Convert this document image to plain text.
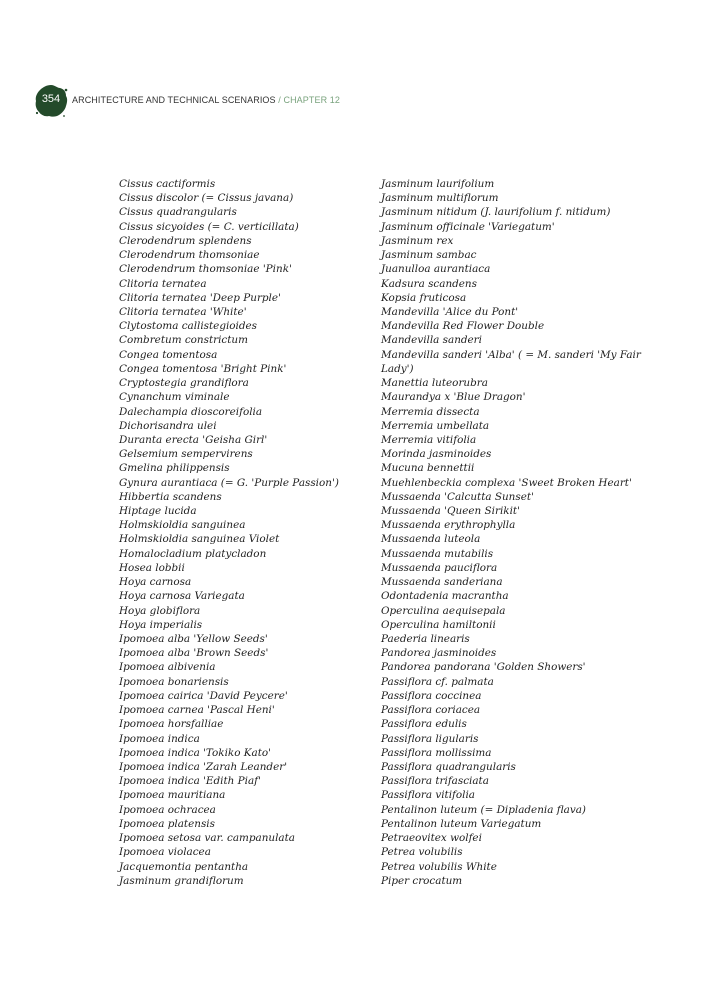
354	ARCHITECTURE AND TECHNICAL SCENARIOS / CHAPTER 12
Cissus cactiformis
Cissus discolor (= Cissus javana)
Cissus quadrangularis
Cissus sicyoides (= C. verticillata)
Clerodendrum splendens
Clerodendrum thomsoniae
Clerodendrum thomsoniae 'Pink'
Clitoria ternatea
Clitoria ternatea 'Deep Purple'
Clitoria ternatea 'White'
Clytostoma callistegioides
Combretum constrictum
Congea tomentosa
Congea tomentosa 'Bright Pink'
Cryptostegia grandiflora
Cynanchum viminale
Dalechampia dioscoreifolia
Dichorisandra ulei
Duranta erecta 'Geisha Girl'
Gelsemium sempervirens
Gmelina philippensis
Gynura aurantiaca (= G. 'Purple Passion')
Hibbertia scandens
Hiptage lucida
Holmskioldia sanguinea
Holmskioldia sanguinea Violet
Homalocladium platycladon
Hosea lobbii
Hoya carnosa
Hoya carnosa Variegata
Hoya globiflora
Hoya imperialis
Ipomoea alba 'Yellow Seeds'
Ipomoea alba 'Brown Seeds'
Ipomoea albivenia
Ipomoea bonariensis
Ipomoea cairica 'David Peycere'
Ipomoea carnea 'Pascal Heni'
Ipomoea horsfalliae
Ipomoea indica
Ipomoea indica 'Tokiko Kato'
Ipomoea indica 'Zarah Leander'
Ipomoea indica 'Edith Piaf'
Ipomoea mauritiana
Ipomoea ochracea
Ipomoea platensis
Ipomoea setosa var. campanulata
Ipomoea violacea
Jacquemontia pentantha
Jasminum grandiflorum
Jasminum laurifolium
Jasminum multiflorum
Jasminum nitidum (J. laurifolium f. nitidum)
Jasminum officinale 'Variegatum'
Jasminum rex
Jasminum sambac
Juanulloa aurantiaca
Kadsura scandens
Kopsia fruticosa
Mandevilla 'Alice du Pont'
Mandevilla Red Flower Double
Mandevilla sanderi
Mandevilla sanderi 'Alba' ( = M. sanderi 'My Fair
Lady')
Manettia luteorubra
Maurandya x 'Blue Dragon'
Merremia dissecta
Merremia umbellata
Merremia vitifolia
Morinda jasminoides
Mucuna bennettii
Muehlenbeckia complexa 'Sweet Broken Heart'
Mussaenda 'Calcutta Sunset'
Mussaenda 'Queen Sirikit'
Mussaenda erythrophylla
Mussaenda luteola
Mussaenda mutabilis
Mussaenda pauciflora
Mussaenda sanderiana
Odontadenia macrantha
Operculina aequisepala
Operculina hamiltonii
Paederia linearis
Pandorea jasminoides
Pandorea pandorana 'Golden Showers'
Passiflora cf. palmata
Passiflora coccinea
Passiflora coriacea
Passiflora edulis
Passiflora ligularis
Passiflora mollissima
Passiflora quadrangularis
Passiflora trifasciata
Passiflora vitifolia
Pentalinon luteum (= Dipladenia flava)
Pentalinon luteum Variegatum
Petraeovitex wolfei
Petrea volubilis
Petrea volubilis White
Piper crocatum
